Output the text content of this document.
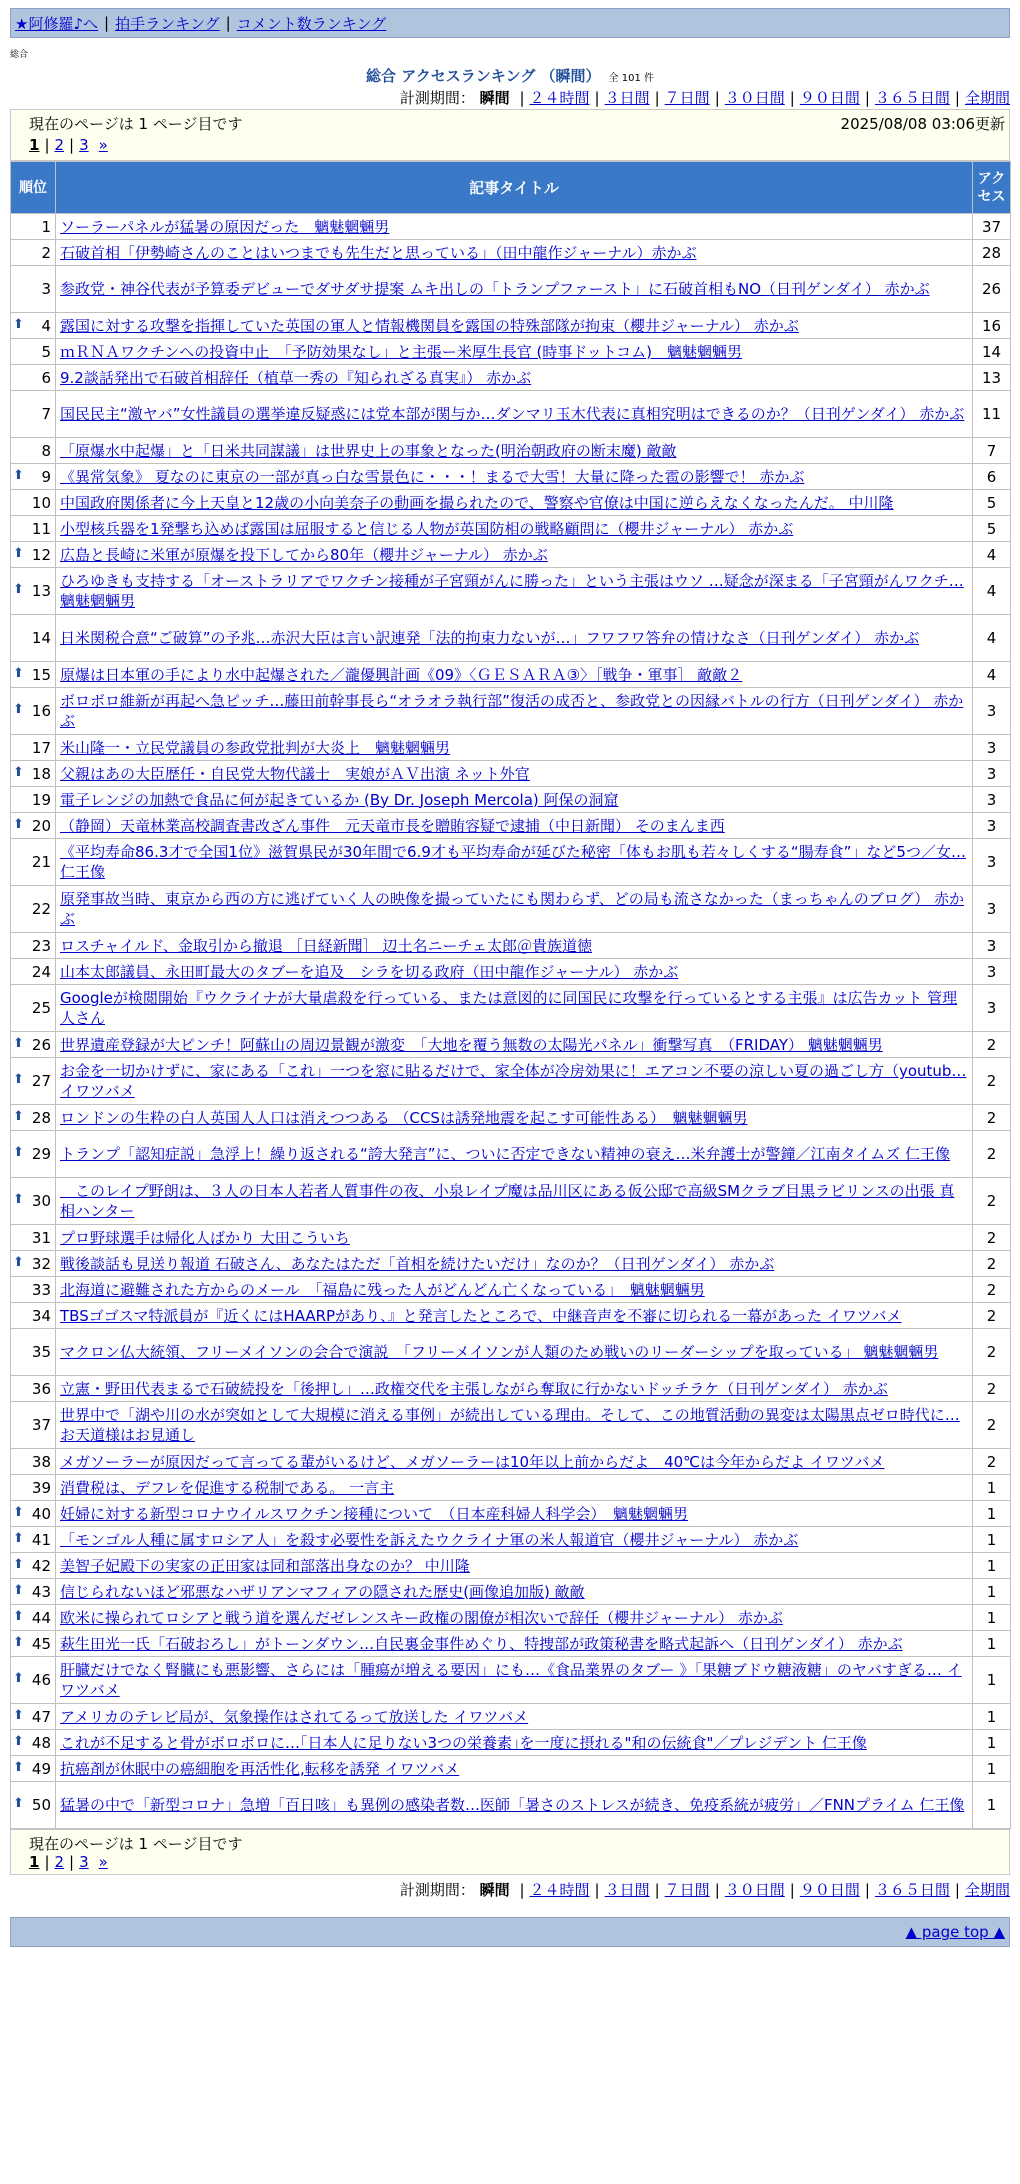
★阿修羅♪へ | 拍手ランキング | コメント数ランキング
総合
総合 アクセスランキング （瞬間） 全 101 件
計測期間： 瞬間 | ２４時間 | ３日間 | ７日間 | ３０日間 | ９０日間 | ３６５日間 | 全期間
現在のページは 1 ページ目です	2025/08/08 03:06更新
1 | 2 | 3 »
順位	記事タイトル	アクセス
1	ソーラーパネルが猛暑の原因だった　魑魅魍魎男	37
2	石破首相「伊勢崎さんのことはいつまでも先生だと思っている」（田中龍作ジャーナル）赤かぶ	28
3	参政党・神谷代表が予算委デビューでダサダサ提案 ムキ出しの「トランプファースト」に石破首相もNO（日刊ゲンダイ） 赤かぶ	26

⬆ 4	露国に対する攻撃を指揮していた英国の軍人と情報機関員を露国の特殊部隊が拘束（櫻井ジャーナル） 赤かぶ	16
5	ｍＲＮＡワクチンへの投資中止　「予防効果なし」と主張ー米厚生長官 (時事ドットコム)　魑魅魍魎男	14
6	9.2談話発出で石破首相辞任（植草一秀の『知られざる真実』） 赤かぶ	13
7	国民民主“激ヤバ”女性議員の選挙違反疑惑には党本部が関与か…ダンマリ玉木代表に真相究明はできるのか？（日刊ゲンダイ） 赤かぶ	11
8	「原爆水中起爆」と「日米共同謀議」は世界史上の事象となった(明治朝政府の断末魔) 敵敵	7

⬆ 9	《異常気象》 夏なのに東京の一部が真っ白な雪景色に・・・！まるで大雪！大量に降った雹の影響で！ 赤かぶ	6
10	中国政府関係者に今上天皇と12歳の小向美奈子の動画を撮られたので、警察や官僚は中国に逆らえなくなったんだ。 中川隆	5
11	小型核兵器を1発撃ち込めば露国は屈服すると信じる人物が英国防相の戦略顧問に（櫻井ジャーナル） 赤かぶ	5

⬆ 12	広島と長崎に米軍が原爆を投下してから80年（櫻井ジャーナル） 赤かぶ	4

⬆ 13	ひろゆきも支持する「オーストラリアでワクチン接種が子宮頸がんに勝った」という主張はウソ …疑念が深まる「子宮頸がんワクチ… 魑魅魍魎男	4
14	日米関税合意“ご破算”の予兆…赤沢大臣は言い訳連発「法的拘束力ないが…」フワフワ答弁の情けなさ（日刊ゲンダイ） 赤かぶ	4

⬆ 15	原爆は日本軍の手により水中起爆された／瀧優興計画《09》〈ＧＥＳＡＲＡ③〉［戦争・軍事］ 敵敵２	4

⬆ 16	ボロボロ維新が再起へ急ピッチ…藤田前幹事長ら“オラオラ執行部”復活の成否と、参政党との因縁バトルの行方（日刊ゲンダイ） 赤かぶ	3
17	米山隆一・立民党議員の参政党批判が大炎上　魑魅魍魎男	3

⬆ 18	父親はあの大臣歴任・自民党大物代議士　実娘がＡＶ出演 ネット外官	3
19	電子レンジの加熱で食品に何が起きているか (By Dr. Joseph Mercola) 阿保の洞窟	3

⬆ 20	（静岡）天竜林業高校調査書改ざん事件　元天竜市長を贈賄容疑で逮捕（中日新聞） そのまんま西	3
21	《平均寿命86.3才で全国1位》滋賀県民が30年間で6.9才も平均寿命が延びた秘密「体もお肌も若々しくする“腸寿食”」など5つ／女… 仁王像	3
22	原発事故当時、東京から西の方に逃げていく人の映像を撮っていたにも関わらず、どの局も流さなかった（まっちゃんのブログ） 赤かぶ	3
23	ロスチャイルド、金取引から撤退 ［日経新聞］ 辺土名ニーチェ太郎＠貴族道徳	3
24	山本太郎議員、永田町最大のタブーを追及　シラを切る政府（田中龍作ジャーナル） 赤かぶ	3
25	Googleが検閲開始『ウクライナが大量虐殺を行っている、または意図的に同国民に攻撃を行っているとする主張』は広告カット 管理人さん	3

⬆ 26	世界遺産登録が大ピンチ！阿蘇山の周辺景観が激変　「大地を覆う無数の太陽光パネル」衝撃写真　（FRIDAY） 魑魅魍魎男	2

⬆ 27	お金を一切かけずに、家にある「これ」一つを窓に貼るだけで、家全体が冷房効果に！エアコン不要の涼しい夏の過ごし方（youtub… イワツバメ	2

⬆ 28	ロンドンの生粋の白人英国人人口は消えつつある （CCSは誘発地震を起こす可能性ある）　魑魅魍魎男	2

⬆ 29	トランプ「認知症説」急浮上！繰り返される“誇大発言”に、ついに否定できない精神の衰え…米弁護士が警鐘／江南タイムズ 仁王像	2

⬆ 30	　このレイプ野朗は、３人の日本人若者人質事件の夜、小泉レイプ魔は品川区にある仮公邸で高級SMクラブ目黒ラビリンスの出張 真相ハンター	2
31	プロ野球選手は帰化人ばかり 大田こういち	2

⬆ 32	戦後談話も見送り報道 石破さん、あなたはただ「首相を続けたいだけ」なのか？（日刊ゲンダイ） 赤かぶ	2
33	北海道に避難された方からのメール　「福島に残った人がどんどん亡くなっている」　魑魅魍魎男	2
34	TBSゴゴスマ特派員が『近くにはHAARPがあり、』と発言したところで、中継音声を不審に切られる一幕があった イワツバメ	2
35	マクロン仏大統領、フリーメイソンの会合で演説　「フリーメイソンが人類のため戦いのリーダーシップを取っている」 魑魅魍魎男	2
36	立憲・野田代表まるで石破続投を「後押し」…政権交代を主張しながら奪取に行かないドッチラケ（日刊ゲンダイ） 赤かぶ	2
37	世界中で「湖や川の水が突如として大規模に消える事例」が続出している理由。そして、この地質活動の異変は太陽黒点ゼロ時代に… お天道様はお見通し	2
38	メガソーラーが原因だって言ってる輩がいるけど、メガソーラーは10年以上前からだよ　40℃は今年からだよ イワツバメ	2
39	消費税は、デフレを促進する税制である。 一言主	1

⬆ 40	妊婦に対する新型コロナウイルスワクチン接種について　（日本産科婦人科学会）　魑魅魍魎男	1

⬆ 41	「モンゴル人種に属すロシア人」を殺す必要性を訴えたウクライナ軍の米人報道官（櫻井ジャーナル） 赤かぶ	1

⬆ 42	美智子妃殿下の実家の正田家は同和部落出身なのか？ 中川隆	1

⬆ 43	信じられないほど邪悪なハザリアンマフィアの隠された歴史(画像追加版) 敵敵	1

⬆ 44	欧米に操られてロシアと戦う道を選んだゼレンスキー政権の閣僚が相次いで辞任（櫻井ジャーナル） 赤かぶ	1

⬆ 45	萩生田光一氏「石破おろし」がトーンダウン…自民裏金事件めぐり、特捜部が政策秘書を略式起訴へ（日刊ゲンダイ） 赤かぶ	1

⬆ 46	肝臓だけでなく腎臓にも悪影響、さらには「腫瘍が増える要因」にも…《食品業界のタブー 》「果糖ブドウ糖液糖」のヤバすぎる… イワツバメ	1

⬆ 47	アメリカのテレビ局が、気象操作はされてるって放送した イワツバメ	1

⬆ 48	これが不足すると骨がボロボロに…｢日本人に足りない3つの栄養素｣を一度に摂れる"和の伝統食"／プレジデント 仁王像	1

⬆ 49	抗癌剤が休眠中の癌細胞を再活性化,転移を誘発 イワツバメ	1

⬆ 50	猛暑の中で「新型コロナ」急増「百日咳」も異例の感染者数…医師「暑さのストレスが続き、免疫系統が疲労」／FNNプライム 仁王像	1
現在のページは 1 ページ目です
1 | 2 | 3 »
計測期間： 瞬間 | ２４時間 | ３日間 | ７日間 | ３０日間 | ９０日間 | ３６５日間 | 全期間
▲ page top ▲
